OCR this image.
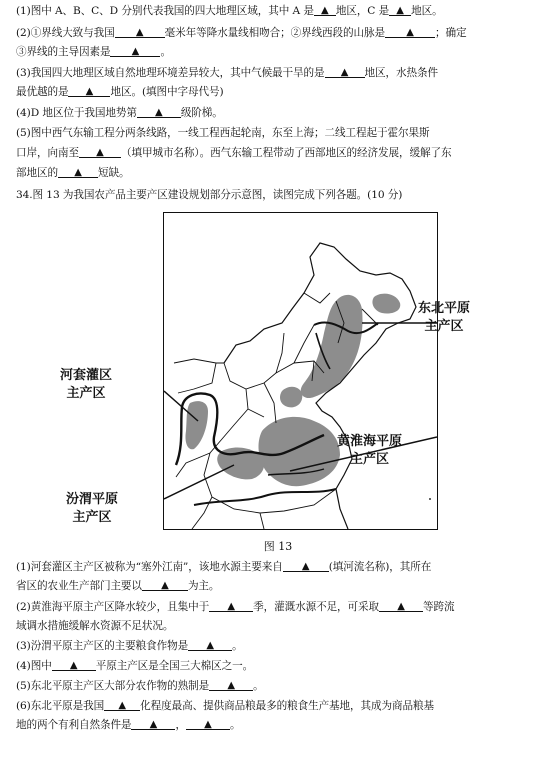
(1)图中 A、B、C、D 分别代表我国的四大地理区域，其中 A 是 ▲ 地区，C 是 ▲ 地区。
(2)①界线大致与我国 ▲ 毫米年等降水量线相吻合；②界线西段的山脉是 ▲ ；确定
③界线的主导因素是 ▲ 。
(3)我国四大地理区域自然地理环境差异较大，其中气候最干旱的是 ▲ 地区，水热条件
最优越的是 ▲ 地区。(填图中字母代号)
(4)D 地区位于我国地势第 ▲ 级阶梯。
(5)图中西气东输工程分两条线路，一线工程西起轮南，东至上海；二线工程起于霍尔果斯
口岸，向南至 ▲ （填甲城市名称）。西气东输工程带动了西部地区的经济发展，缓解了东
部地区的 ▲ 短缺。
34.图 13 为我国农产品主要产区建设规划部分示意图，读图完成下列各题。(10 分)
东北平原
主产区
河套灌区
主产区
黄淮海平原
主产区
汾渭平原
主产区
图 13
(1)河套灌区主产区被称为“塞外江南”，该地水源主要来自 ▲ (填河流名称)，其所在
省区的农业生产部门主要以 ▲ 为主。
(2)黄淮海平原主产区降水较少，且集中于 ▲ 季，灌溉水源不足，可采取 ▲ 等跨流
域调水措施缓解水资源不足状况。
(3)汾渭平原主产区的主要粮食作物是 ▲ 。
(4)图中 ▲ 平原主产区是全国三大棉区之一。
(5)东北平原主产区大部分农作物的熟制是 ▲ 。
(6)东北平原是我国 ▲ 化程度最高、提供商品粮最多的粮食生产基地，其成为商品粮基
地的两个有利自然条件是 ▲ ， ▲ 。
